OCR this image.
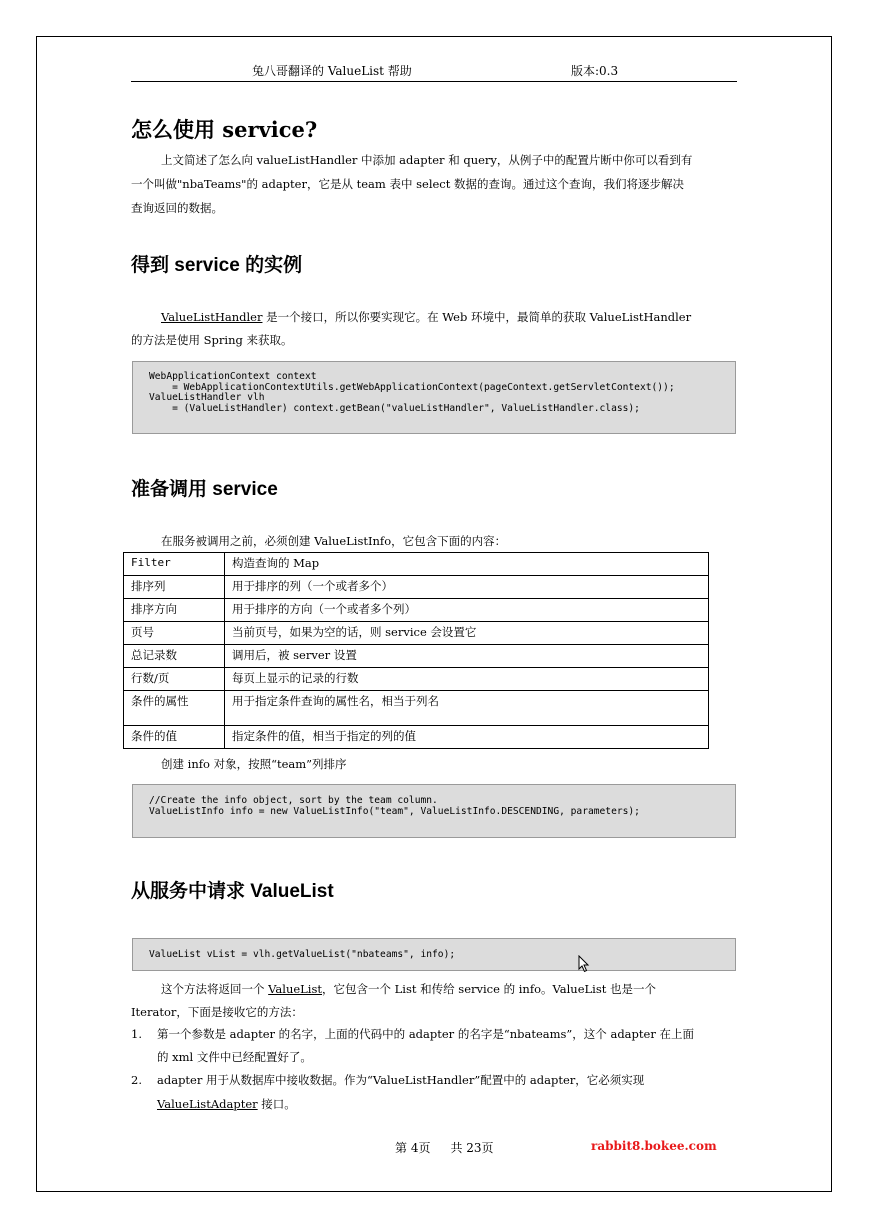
兔八哥翻译的 ValueList 帮助	版本:0.3
怎么使用 service?
上文简述了怎么向 valueListHandler 中添加 adapter 和 query，从例子中的配置片断中你可以看到有
一个叫做"nbaTeams"的 adapter，它是从 team 表中 select 数据的查询。通过这个查询，我们将逐步解决
查询返回的数据。
得到 service 的实例
ValueListHandler 是一个接口，所以你要实现它。在 Web 环境中，最简单的获取 ValueListHandler
的方法是使用 Spring 来获取。
WebApplicationContext context
= WebApplicationContextUtils.getWebApplicationContext(pageContext.getServletContext());
ValueListHandler vlh
= (ValueListHandler) context.getBean("valueListHandler", ValueListHandler.class);
准备调用 service
在服务被调用之前，必须创建 ValueListInfo，它包含下面的内容：
Filter	构造查询的 Map
排序列	用于排序的列（一个或者多个）
排序方向	用于排序的方向（一个或者多个列）
页号	当前页号，如果为空的话，则 service 会设置它
总记录数	调用后，被 server 设置
行数/页	每页上显示的记录的行数
条件的属性	用于指定条件查询的属性名，相当于列名
条件的值	指定条件的值，相当于指定的列的值
创建 info 对象，按照“team”列排序
//Create the info object, sort by the team column.
ValueListInfo info = new ValueListInfo("team", ValueListInfo.DESCENDING, parameters);
从服务中请求 ValueList
ValueList vList = vlh.getValueList("nbateams", info);
这个方法将返回一个 ValueList，它包含一个 List 和传给 service 的 info。ValueList 也是一个
Iterator，下面是接收它的方法：
1. 第一个参数是 adapter 的名字，上面的代码中的 adapter 的名字是“nbateams”，这个 adapter 在上面
的 xml 文件中已经配置好了。
2. adapter 用于从数据库中接收数据。作为“ValueListHandler”配置中的 adapter，它必须实现
ValueListAdapter 接口。
第 4页 共 23页	rabbit8.bokee.com
